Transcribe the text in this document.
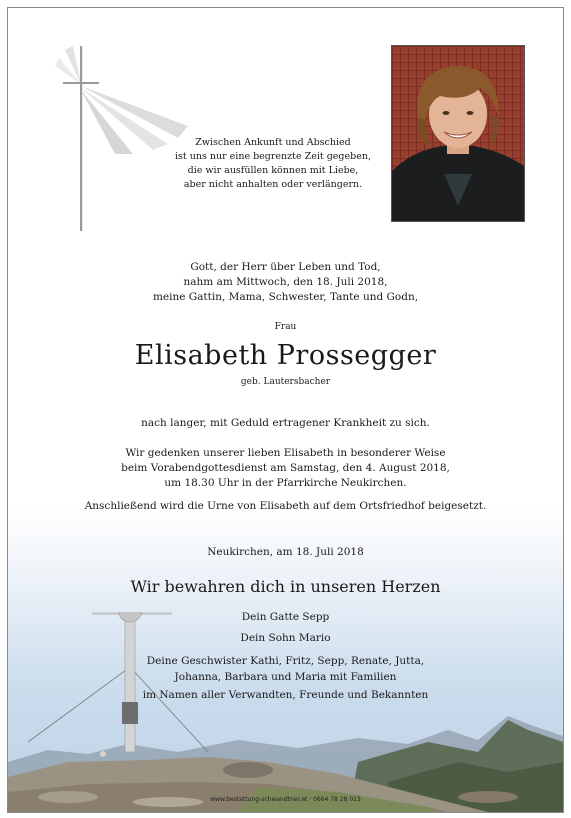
Zwischen Ankunft und Abschied
ist uns nur eine begrenzte Zeit gegeben,
die wir ausfüllen können mit Liebe,
aber nicht anhalten oder verlängern.
Gott, der Herr über Leben und Tod,
nahm am Mittwoch, den 18. Juli 2018,
meine Gattin, Mama, Schwester, Tante und Godn,
Frau
Elisabeth Prossegger
geb. Lautersbacher
nach langer, mit Geduld ertragener Krankheit zu sich.
Wir gedenken unserer lieben Elisabeth in besonderer Weise
beim Vorabendgottesdienst am Samstag, den 4. August 2018,
um 18.30 Uhr in der Pfarrkirche Neukirchen.
Anschließend wird die Urne von Elisabeth auf dem Ortsfriedhof beigesetzt.
Neukirchen, am 18. Juli 2018
Wir bewahren dich in unseren Herzen
Dein Gatte Sepp
Dein Sohn Mario
Deine Geschwister Kathi, Fritz, Sepp, Renate, Jutta,
Johanna, Barbara und Maria mit Familien
im Namen aller Verwandten, Freunde und Bekannten
www.bestattung-schwandtner.at · 0664 78 28 013
